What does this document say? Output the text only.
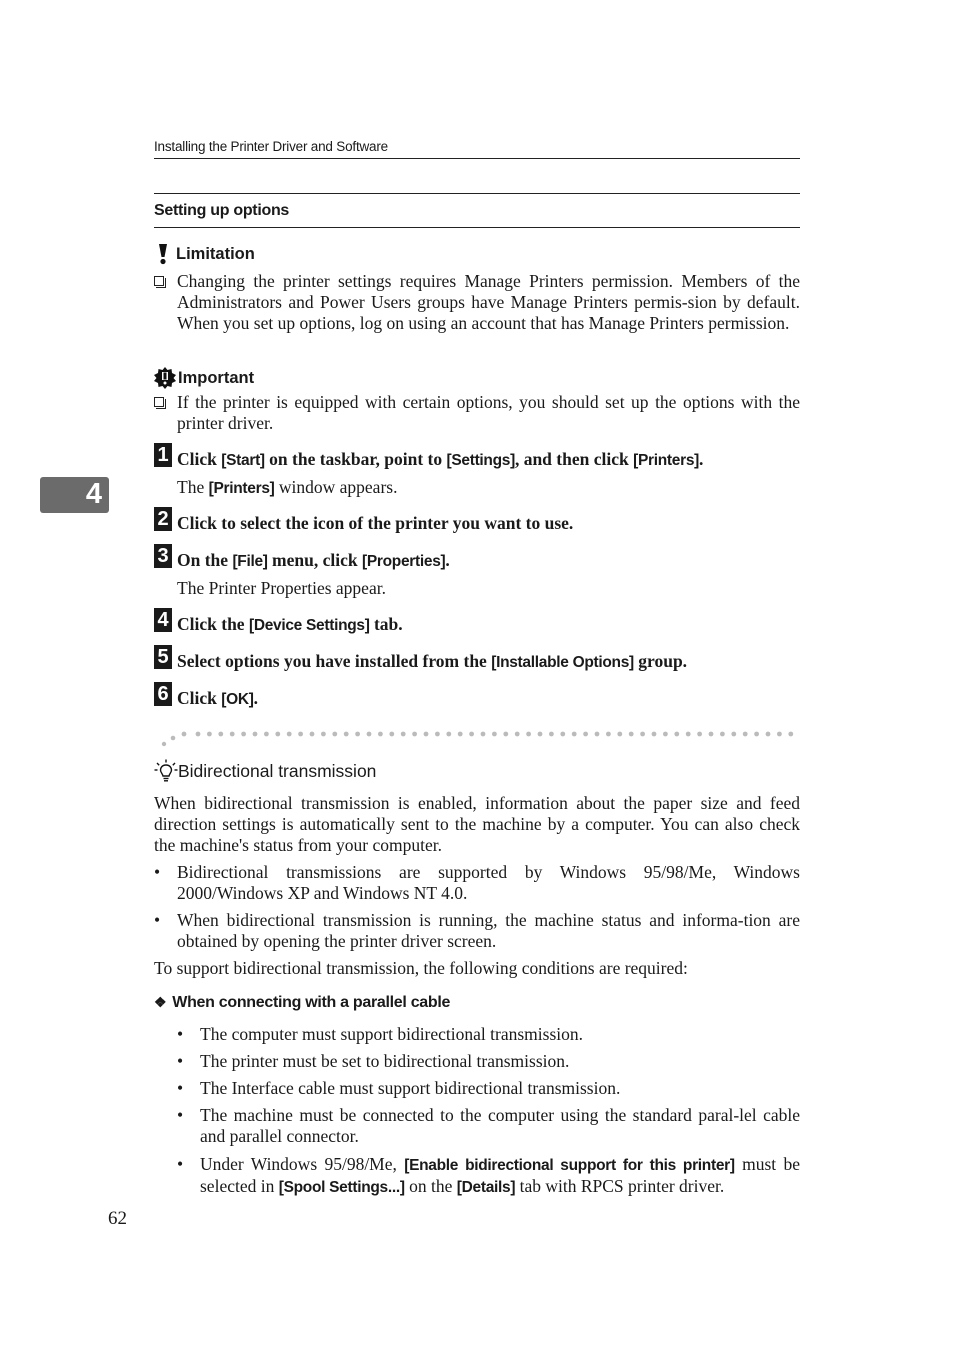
Installing the Printer Driver and Software
Setting up options
Limitation
Changing the printer settings requires Manage Printers permission. Members of the Administrators and Power Users groups have Manage Printers permis-sion by default. When you set up options, log on using an account that has Manage Printers permission.
Important
If the printer is equipped with certain options, you should set up the options with the printer driver.
4
1 Click [Start] on the taskbar, point to [Settings], and then click [Printers].
The [Printers] window appears.
2 Click to select the icon of the printer you want to use.
3 On the [File] menu, click [Properties].
The Printer Properties appear.
4 Click the [Device Settings] tab.
5 Select options you have installed from the [Installable Options] group.
6 Click [OK].
Bidirectional transmission
When bidirectional transmission is enabled, information about the paper size and feed direction settings is automatically sent to the machine by a computer. You can also check the machine's status from your computer.
• Bidirectional transmissions are supported by Windows 95/98/Me, Windows 2000/Windows XP and Windows NT 4.0.
• When bidirectional transmission is running, the machine status and informa-tion are obtained by opening the printer driver screen.
To support bidirectional transmission, the following conditions are required:
❖ When connecting with a parallel cable
• The computer must support bidirectional transmission.
• The printer must be set to bidirectional transmission.
• The Interface cable must support bidirectional transmission.
• The machine must be connected to the computer using the standard paral-lel cable and parallel connector.
• Under Windows 95/98/Me, [Enable bidirectional support for this printer] must be selected in [Spool Settings...] on the [Details] tab with RPCS printer driver.
62
